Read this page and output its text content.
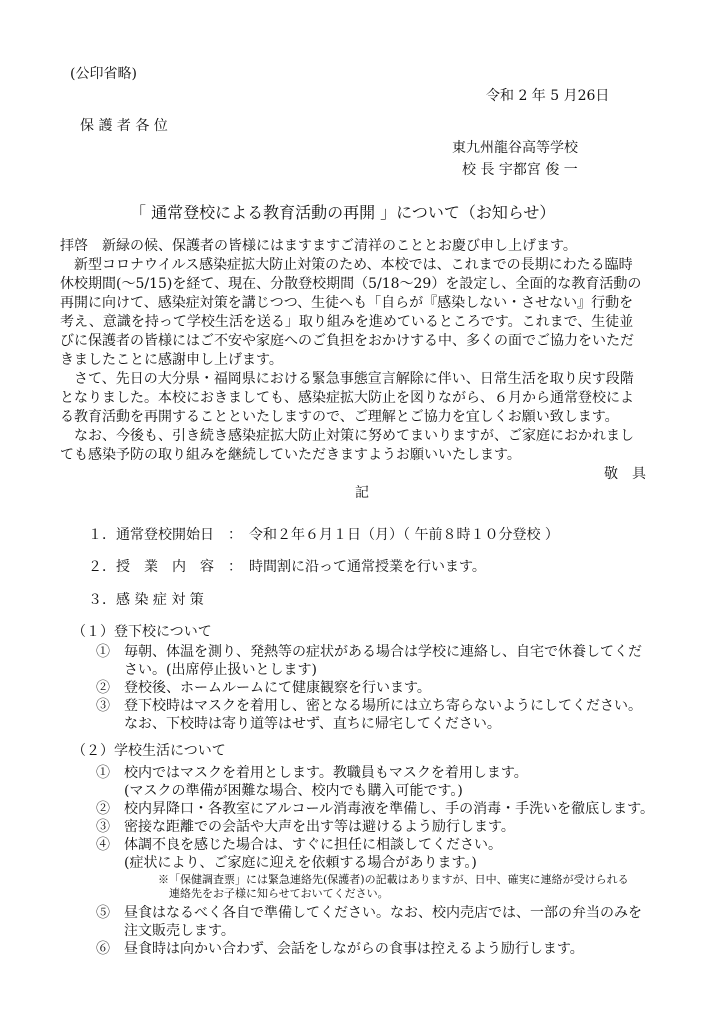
(公印省略)
令和 2 年 5 月26日
保 護 者 各 位
東九州龍谷高等学校
校 長 宇都宮 俊 一
「 通常登校による教育活動の再開 」について（お知らせ）
拝啓　新緑の候、保護者の皆様にはますますご清祥のこととお慶び申し上げます。
　新型コロナウイルス感染症拡大防止対策のため、本校では、これまでの長期にわたる臨時
休校期間(〜5/15)を経て、現在、分散登校期間（5/18〜29）を設定し、全面的な教育活動の
再開に向けて、感染症対策を講じつつ、生徒へも「自らが『感染しない・させない』行動を
考え、意識を持って学校生活を送る」取り組みを進めているところです。これまで、生徒並
びに保護者の皆様にはご不安や家庭へのご負担をおかけする中、多くの面でご協力をいただ
きましたことに感謝申し上げます。
　さて、先日の大分県・福岡県における緊急事態宣言解除に伴い、日常生活を取り戻す段階
となりました。本校におきましても、感染症拡大防止を図りながら、６月から通常登校によ
る教育活動を再開することといたしますので、ご理解とご協力を宜しくお願い致します。
　なお、今後も、引き続き感染症拡大防止対策に努めてまいりますが、ご家庭におかれまし
ても感染予防の取り組みを継続していただきますようお願いいたします。
敬　具
記
１．通常登校開始日　：　令和２年６月１日（月）（ 午前８時１０分登校 ）
２．授　業　内　容　：　時間割に沿って通常授業を行います。
３．感 染 症 対 策
（１）登下校について
①　毎朝、体温を測り、発熱等の症状がある場合は学校に連絡し、自宅で休養してくだ
　　さい。(出席停止扱いとします)
②　登校後、ホームルームにて健康観察を行います。
③　登下校時はマスクを着用し、密となる場所には立ち寄らないようにしてください。
　　なお、下校時は寄り道等はせず、直ちに帰宅してください。
（２）学校生活について
①　校内ではマスクを着用とします。教職員もマスクを着用します。
　　(マスクの準備が困難な場合、校内でも購入可能です。)
②　校内昇降口・各教室にアルコール消毒液を準備し、手の消毒・手洗いを徹底します。
③　密接な距離での会話や大声を出す等は避けるよう励行します。
④　体調不良を感じた場合は、すぐに担任に相談してください。
　　(症状により、ご家庭に迎えを依頼する場合があります。)
※「保健調査票」には緊急連絡先(保護者)の記載はありますが、日中、確実に連絡が受けられる
　連絡先をお子様に知らせておいてください。
⑤　昼食はなるべく各自で準備してください。なお、校内売店では、一部の弁当のみを
　　注文販売します。
⑥　昼食時は向かい合わず、会話をしながらの食事は控えるよう励行します。
